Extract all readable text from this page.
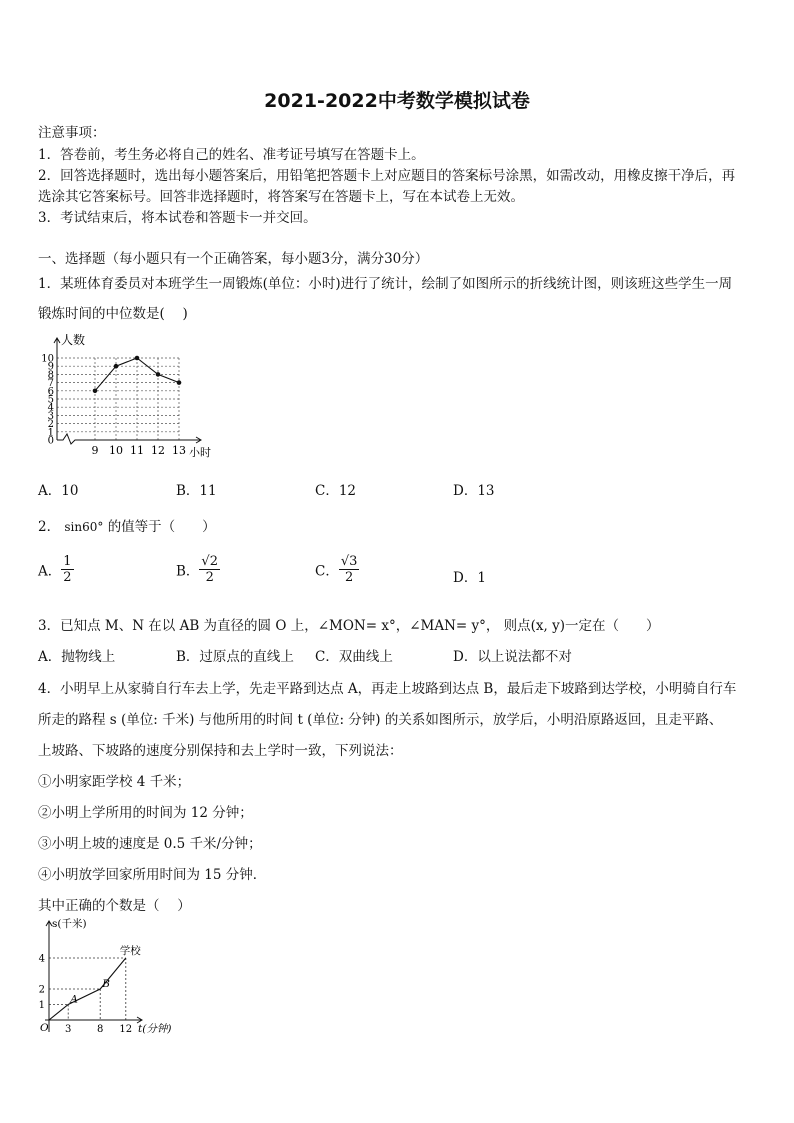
2021-2022中考数学模拟试卷
注意事项：
1．答卷前，考生务必将自己的姓名、准考证号填写在答题卡上。
2．回答选择题时，选出每小题答案后，用铅笔把答题卡上对应题目的答案标号涂黑，如需改动，用橡皮擦干净后，再
选涂其它答案标号。回答非选择题时，将答案写在答题卡上，写在本试卷上无效。
3．考试结束后，将本试卷和答题卡一并交回。
一、选择题（每小题只有一个正确答案，每小题3分，满分30分）
1．某班体育委员对本班学生一周锻炼(单位：小时)进行了统计，绘制了如图所示的折线统计图，则该班这些学生一周
锻炼时间的中位数是(　 )
人数
小时
0
1
2
3
4
5
6
7
8
9
10
9 10 11 12 13
A．10	B．11	C．12	D．13
2． sin60° 的值等于（　　）
A． $\frac{1}{2}$	B． $\frac{√2}{2}$	C． $\frac{√3}{2}$	D．1
3．已知点 M、N 在以 AB 为直径的圆 O 上，∠MON= x°，∠MAN= y°， 则点(x, y)一定在（　　）
A．抛物线上	B．过原点的直线上 C．双曲线上	D．以上说法都不对
4．小明早上从家骑自行车去上学，先走平路到达点 A，再走上坡路到达点 B，最后走下坡路到达学校，小明骑自行车
所走的路程 s (单位: 千米) 与他所用的时间 t (单位: 分钟) 的关系如图所示，放学后，小明沿原路返回，且走平路、
上坡路、下坡路的速度分别保持和去上学时一致，下列说法：
①小明家距学校 4 千米；
②小明上学所用的时间为 12 分钟；
③小明上坡的速度是 0.5 千米/分钟；
④小明放学回家所用时间为 15 分钟．
其中正确的个数是（　 ）
s(千米)
t(分钟)
O
1
2
4
3	8 12
A
B
学校
